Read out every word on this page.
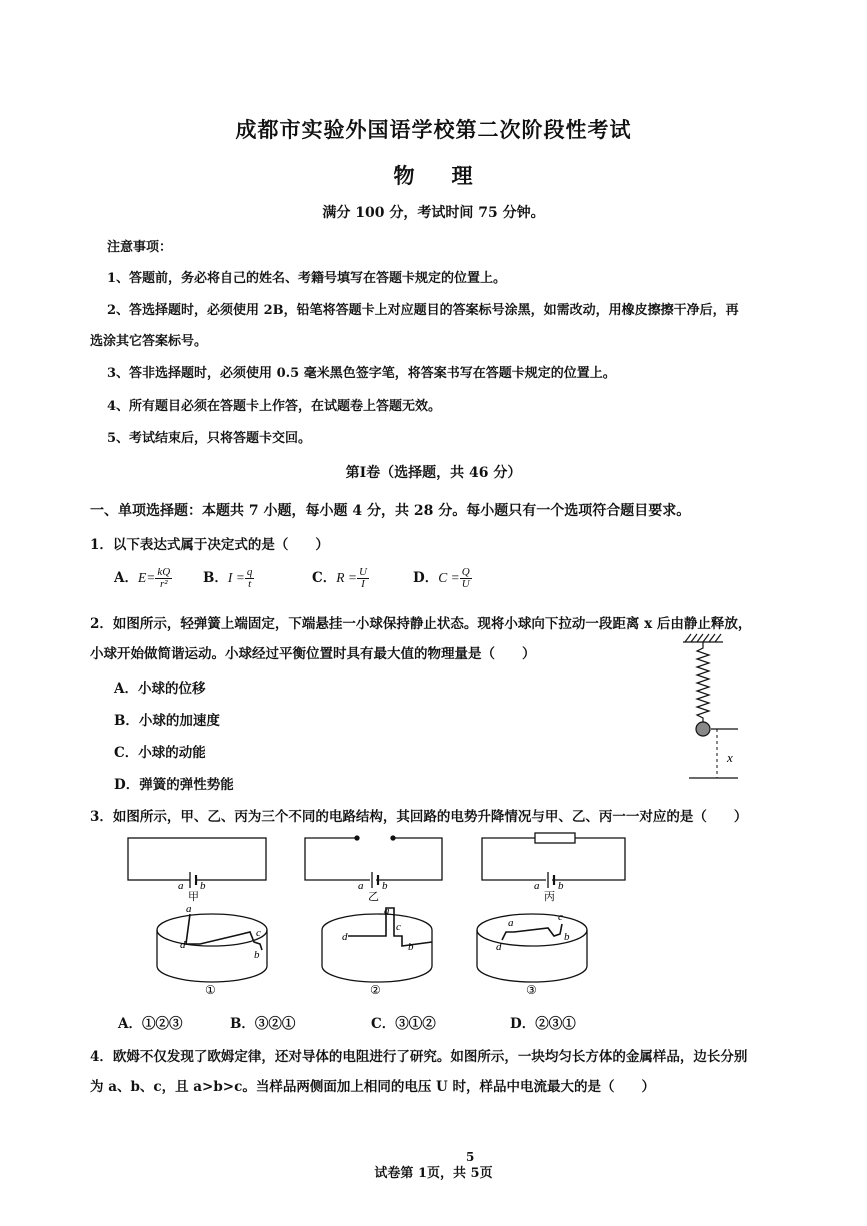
成都市实验外国语学校第二次阶段性考试
物 理
满分 100 分，考试时间 75 分钟。
注意事项：
1、答题前，务必将自己的姓名、考籍号填写在答题卡规定的位置上。
2、答选择题时，必须使用 2B，铅笔将答题卡上对应题目的答案标号涂黑，如需改动，用橡皮擦擦干净后，再
选涂其它答案标号。
3、答非选择题时，必须使用 0.5 毫米黑色签字笔，将答案书写在答题卡规定的位置上。
4、所有题目必须在答题卡上作答，在试题卷上答题无效。
5、考试结束后，只将答题卡交回。
第Ⅰ卷（选择题，共 46 分）
一、单项选择题：本题共 7 小题，每小题 4 分，共 28 分。每小题只有一个选项符合题目要求。
1．以下表达式属于决定式的是（　　）
A．$E= \frac{kQ}{\text{r²}}$ B．$I = \frac{q}{t}$	C．$R = \frac{U}{I}$	D．$C = \frac{Q}{U}$
2．如图所示，轻弹簧上端固定，下端悬挂一小球保持静止状态。现将小球向下拉动一段距离 x 后由静止释放，
小球开始做简谐运动。小球经过平衡位置时具有最大值的物理量是（　　）
A．小球的位移
B．小球的加速度
C．小球的动能
D．弹簧的弹性势能
x
3．如图所示，甲、乙、丙为三个不同的电路结构，其回路的电势升降情况与甲、乙、丙一一对应的是（　　）
a b
甲
a b
乙
a b
丙
a
d
c
b
①
a
d
c
b
②
a
d
c
b
③
A．①②③	B．③②①	C．③①②	D．②③①
4．欧姆不仅发现了欧姆定律，还对导体的电阻进行了研究。如图所示，一块均匀长方体的金属样品，边长分别
为 a、b、c，且 a>b>c。当样品两侧面加上相同的电压 U 时，样品中电流最大的是（　　）
5
试卷第 1页，共 5页
